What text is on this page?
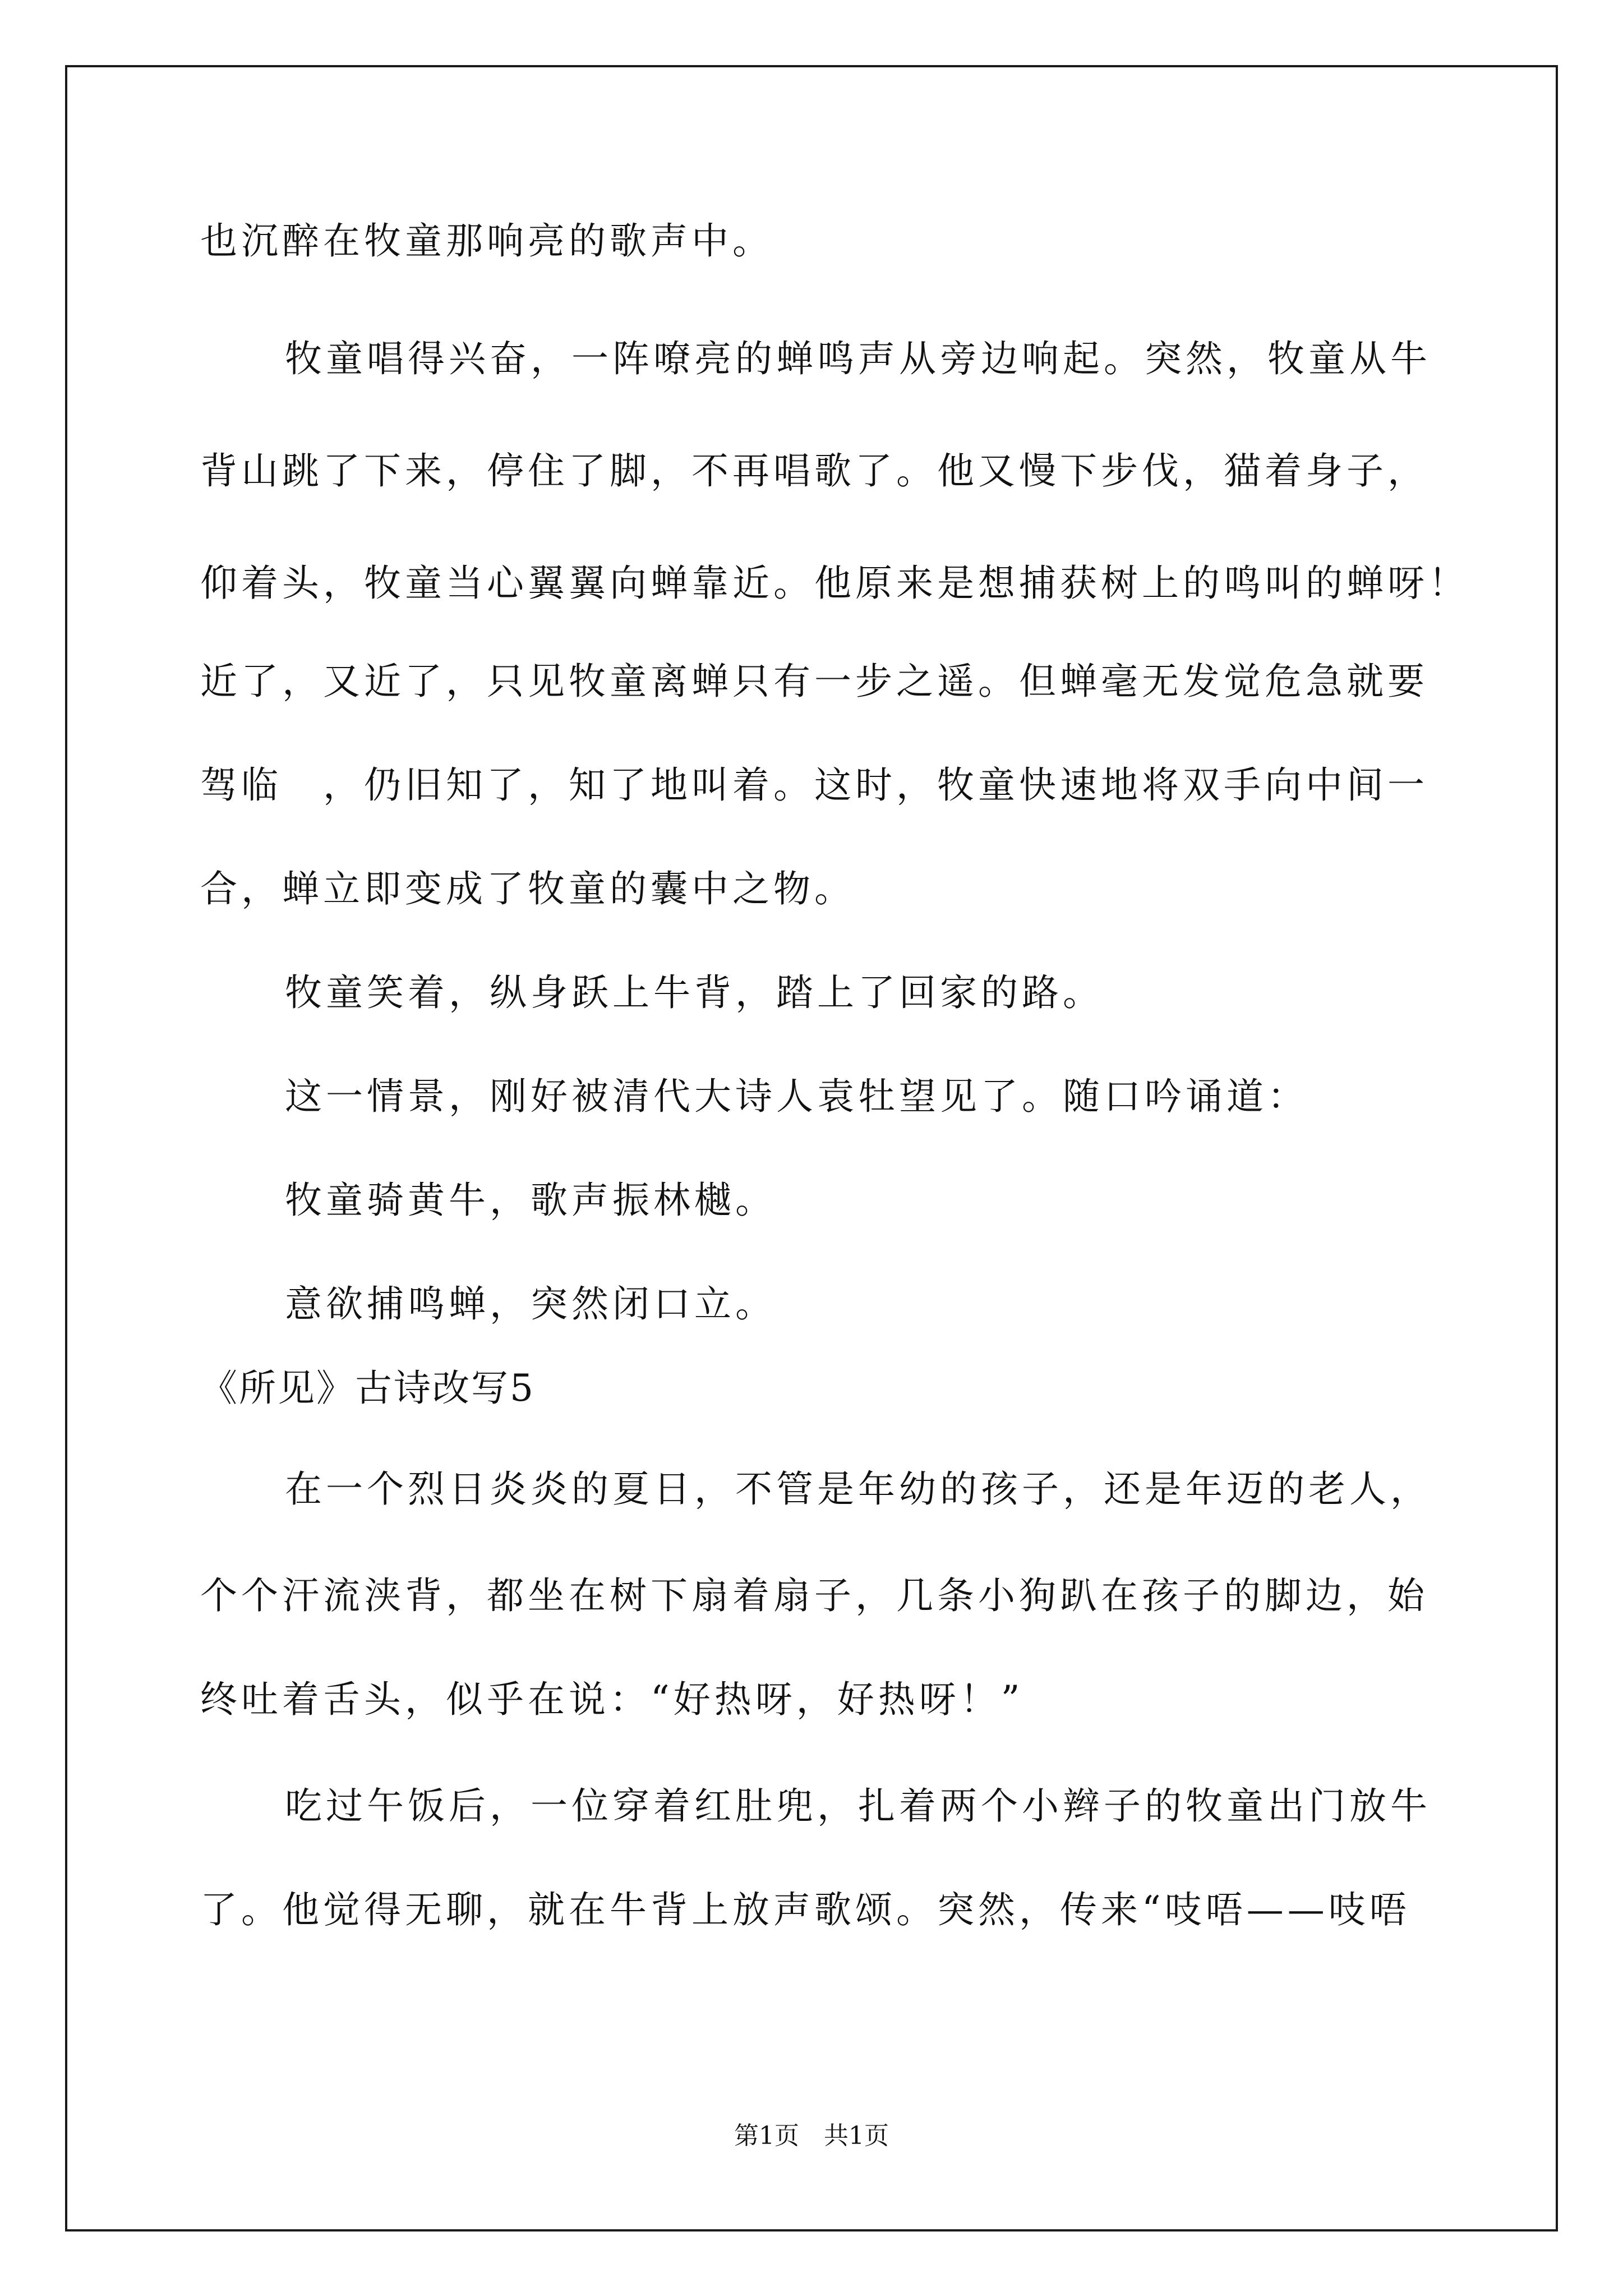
也沉醉在牧童那响亮的歌声中。
牧童唱得兴奋，一阵嘹亮的蝉鸣声从旁边响起。突然，牧童从牛
背山跳了下来，停住了脚，不再唱歌了。他又慢下步伐，猫着身子，
仰着头，牧童当心翼翼向蝉靠近。他原来是想捕获树上的鸣叫的蝉呀！
近了，又近了，只见牧童离蝉只有一步之遥。但蝉毫无发觉危急就要
驾临　，仍旧知了，知了地叫着。这时，牧童快速地将双手向中间一
合，蝉立即变成了牧童的囊中之物。
牧童笑着，纵身跃上牛背，踏上了回家的路。
这一情景，刚好被清代大诗人袁牡望见了。随口吟诵道：
牧童骑黄牛，歌声振林樾。
意欲捕鸣蝉，突然闭口立。
《所见》古诗改写5
在一个烈日炎炎的夏日，不管是年幼的孩子，还是年迈的老人，
个个汗流浃背，都坐在树下扇着扇子，几条小狗趴在孩子的脚边，始
终吐着舌头，似乎在说：“好热呀，好热呀！”
吃过午饭后，一位穿着红肚兜，扎着两个小辫子的牧童出门放牛
了。他觉得无聊，就在牛背上放声歌颂。突然，传来“吱唔——吱唔
第1页　共1页
